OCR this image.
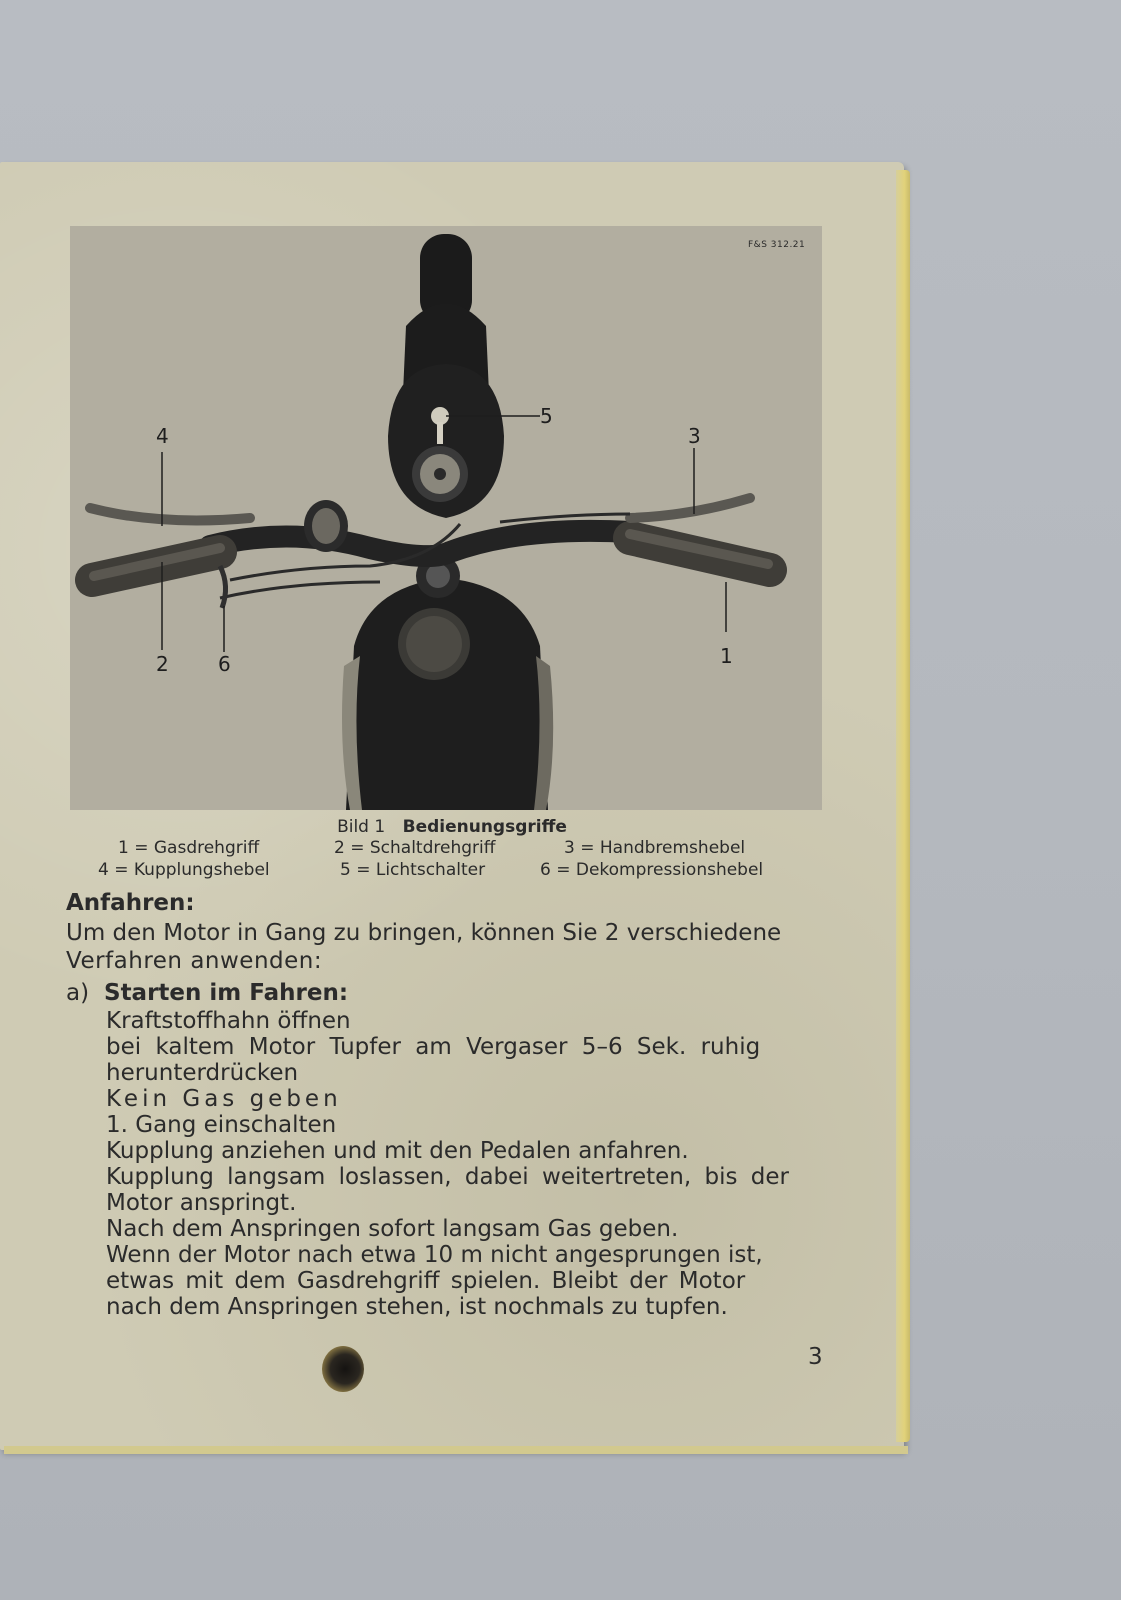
F&S 312.21
5
4	3
2 6	1
Bild 1 Bedienungsgriffe
1 = Gasdrehgriff	2 = Schaltdrehgriff	3 = Handbremshebel
4 = Kupplungshebel	5 = Lichtschalter	6 = Dekompressionshebel
Anfahren:
Um den Motor in Gang zu bringen, können Sie 2 verschiedene
Verfahren anwenden:
a) Starten im Fahren:
Kraftstoffhahn öffnen
bei kaltem Motor Tupfer am Vergaser 5–6 Sek. ruhig
herunterdrücken
Kein Gas geben
1. Gang einschalten
Kupplung anziehen und mit den Pedalen anfahren.
Kupplung langsam loslassen, dabei weitertreten, bis der
Motor anspringt.
Nach dem Anspringen sofort langsam Gas geben.
Wenn der Motor nach etwa 10 m nicht angesprungen ist,
etwas mit dem Gasdrehgriff spielen. Bleibt der Motor
nach dem Anspringen stehen, ist nochmals zu tupfen.
3
